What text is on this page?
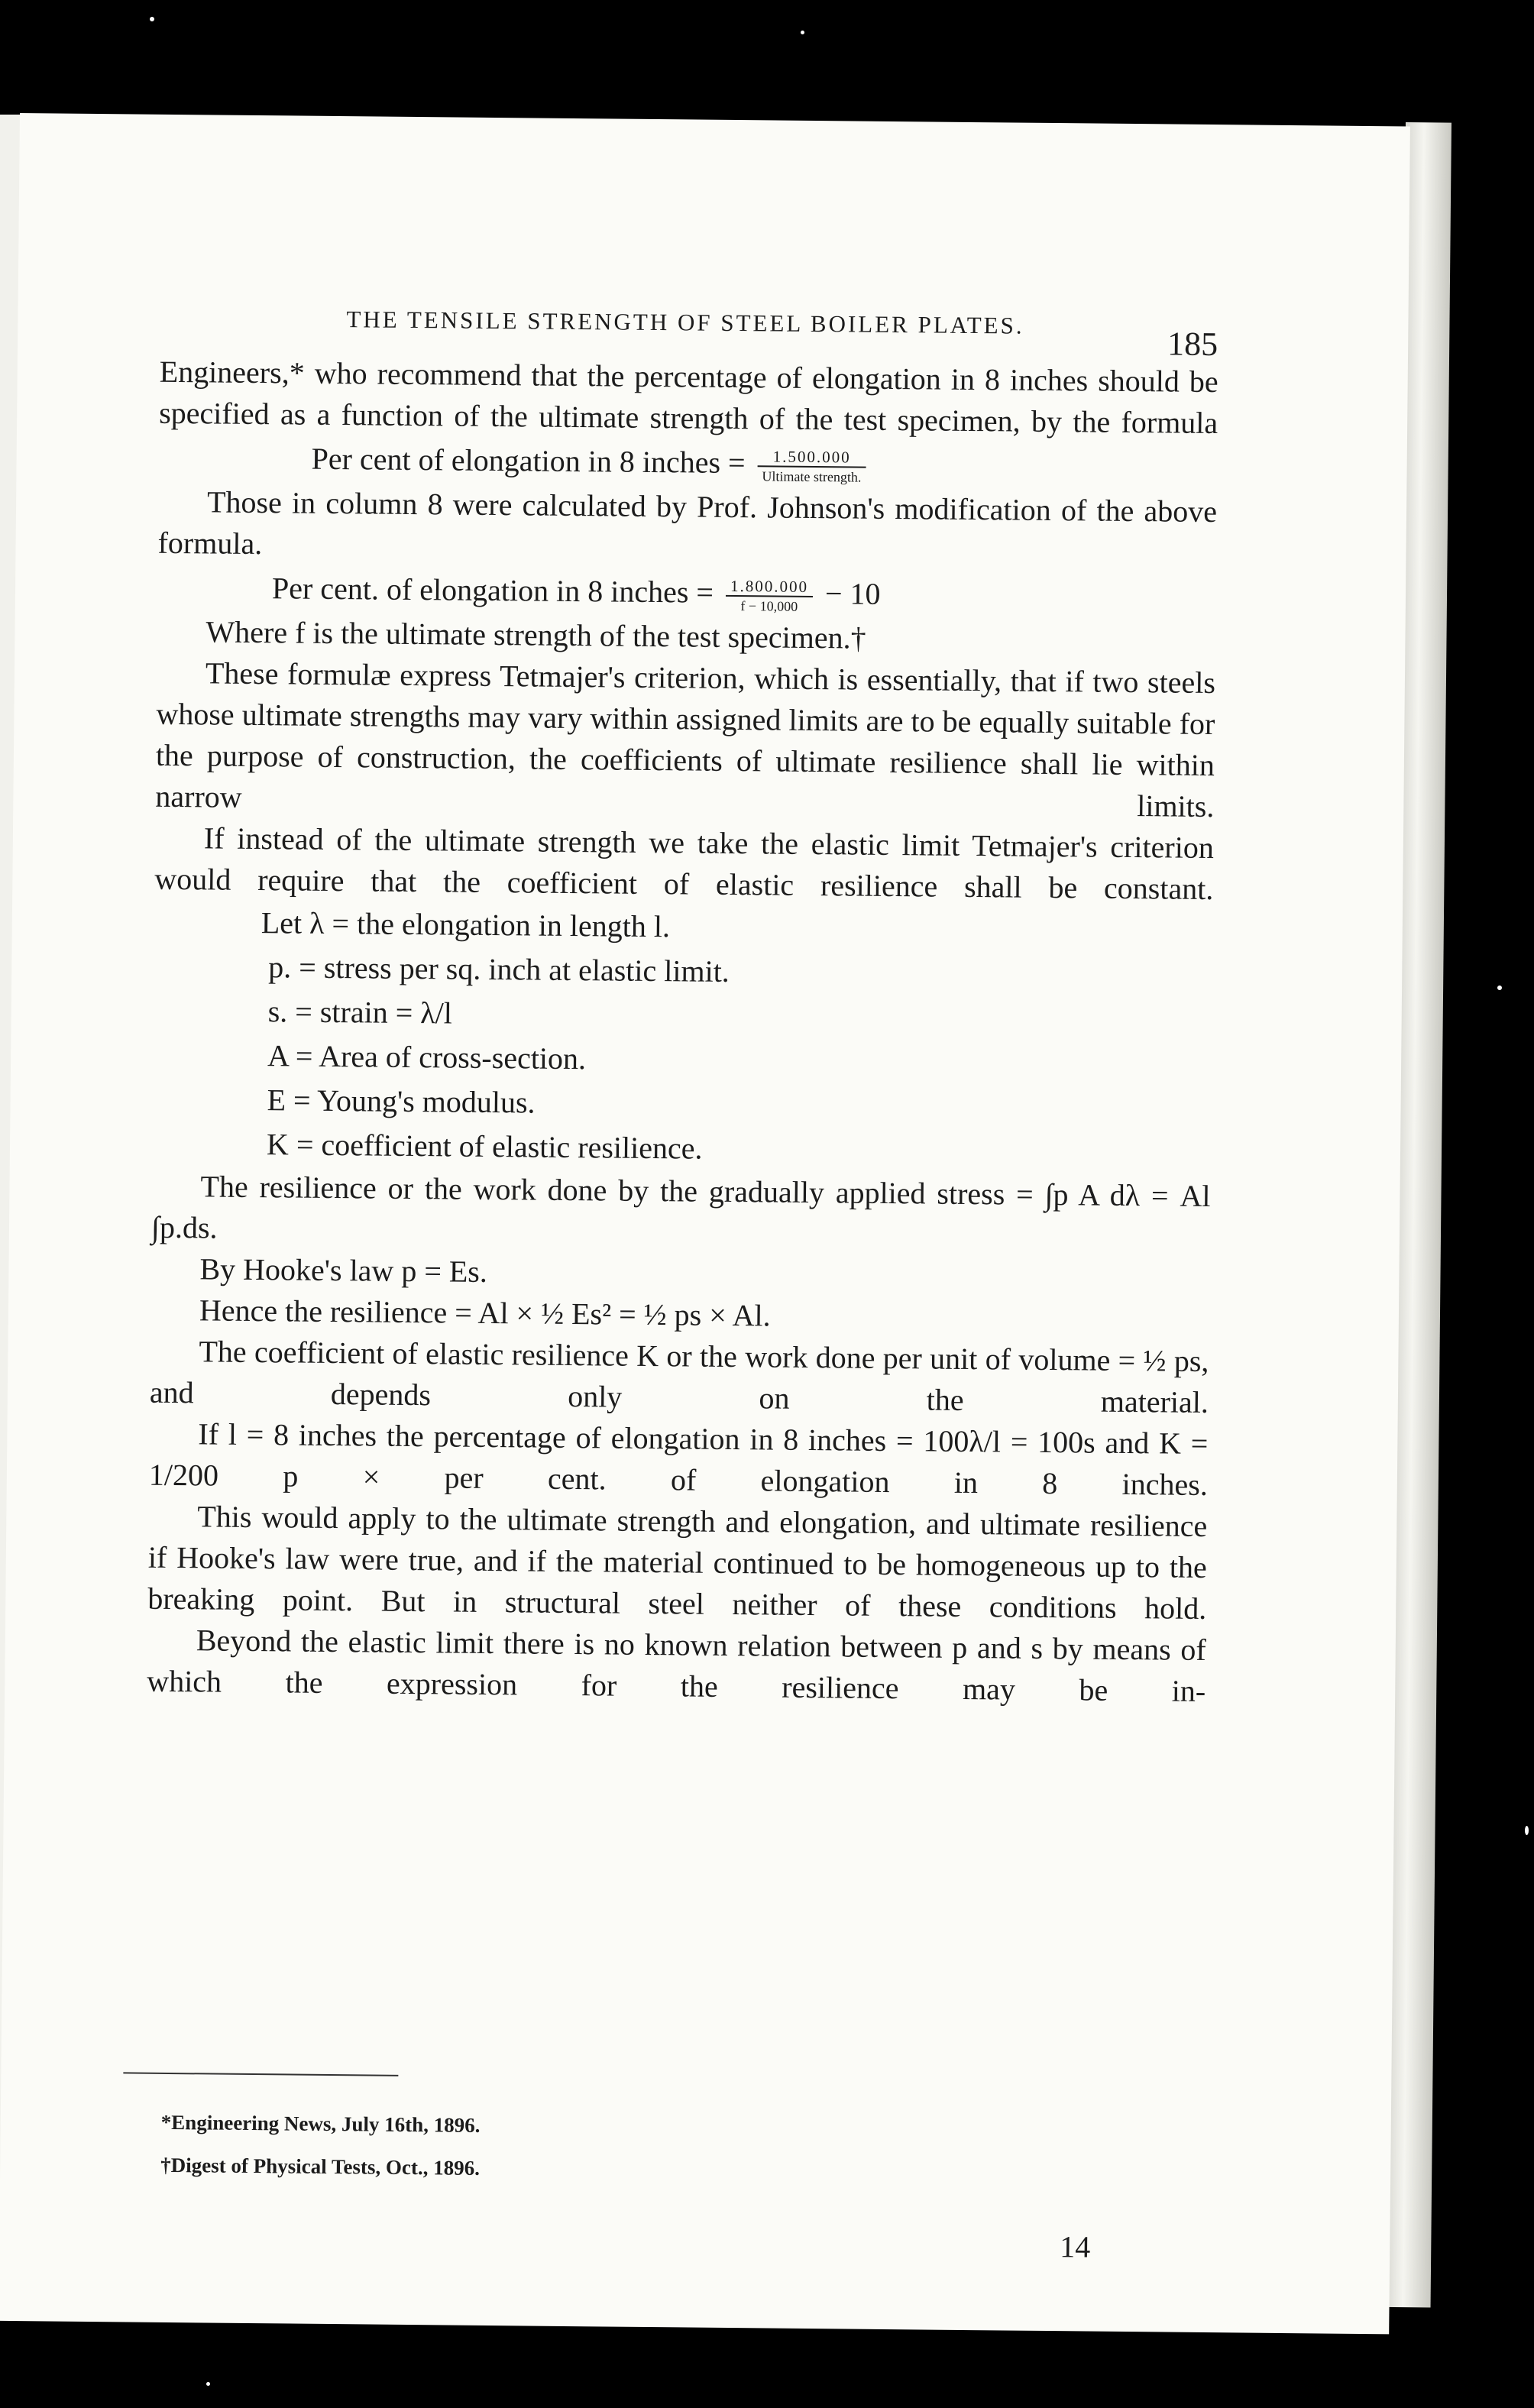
THE TENSILE STRENGTH OF STEEL BOILER PLATES.
185

Engineers,* who recommend that the percentage of elongation in 8 inches should be specified as a function of the ultimate strength of the test specimen, by the formula

Per cent of elongation in 8 inches = $\frac{1.500.000}{\text{Ultimate strength.}}$

Those in column 8 were calculated by Prof. Johnson's modification of the above formula.

Per cent. of elongation in 8 inches = $\frac{1.800.000}{f - 10,000} - 10$

Where f is the ultimate strength of the test specimen.†

These formulæ express Tetmajer's criterion, which is essentially, that if two steels whose ultimate strengths may vary within assigned limits are to be equally suitable for the purpose of construction, the coefficients of ultimate resilience shall lie within narrow limits.

If instead of the ultimate strength we take the elastic limit Tetmajer's criterion would require that the coefficient of elastic resilience shall be constant.

Let λ = the elongation in length l.
p. = stress per sq. inch at elastic limit.
s. = strain = λ/l
A = Area of cross-section.
E = Young's modulus.
K = coefficient of elastic resilience.

The resilience or the work done by the gradually applied stress = ∫p A dλ = Al ∫p.ds.

By Hooke's law p = Es.

Hence the resilience = Al × ½ Es² = ½ ps × Al.

The coefficient of elastic resilience K or the work done per unit of volume = ½ ps, and depends only on the material.

If l = 8 inches the percentage of elongation in 8 inches = 100λ/l = 100s and K = 1/200 p × per cent. of elongation in 8 inches.

This would apply to the ultimate strength and elongation, and ultimate resilience if Hooke's law were true, and if the material continued to be homogeneous up to the breaking point. But in structural steel neither of these conditions hold.

Beyond the elastic limit there is no known relation between p and s by means of which the expression for the resilience may be in-

*Engineering News, July 16th, 1896.
†Digest of Physical Tests, Oct., 1896.
14
